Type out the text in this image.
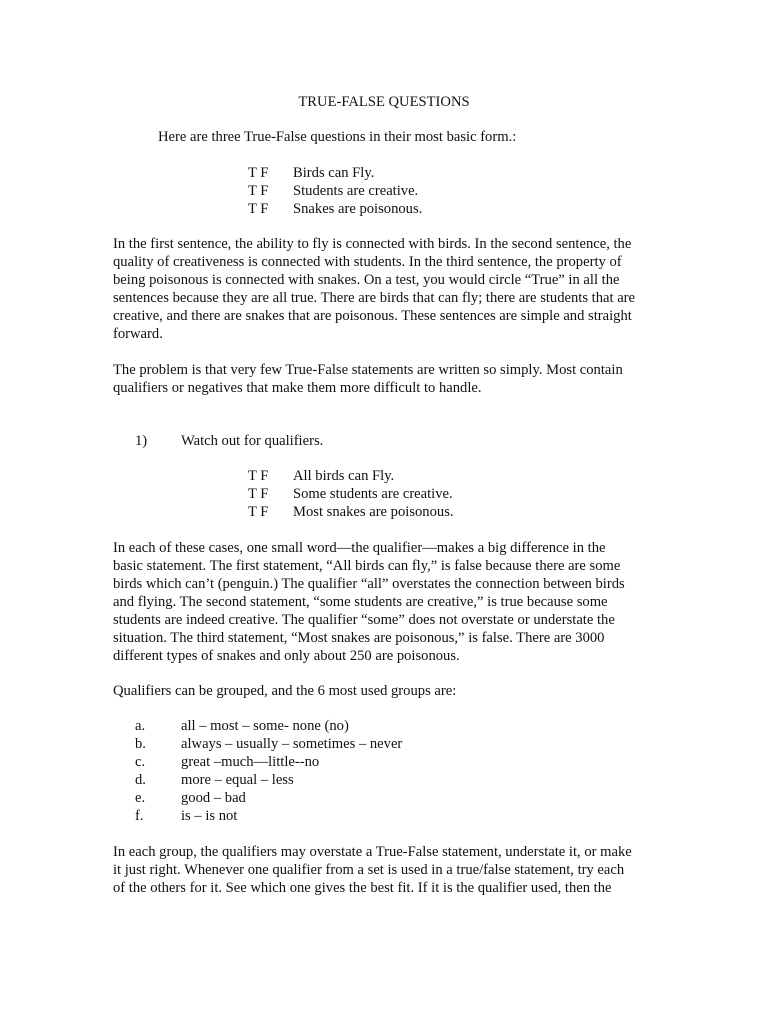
TRUE-FALSE QUESTIONS

Here are three True-False questions in their most basic form.:

T F Birds can Fly.
T F Students are creative.
T F Snakes are poisonous.

In the first sentence, the ability to fly is connected with birds. In the second sentence, the
quality of creativeness is connected with students. In the third sentence, the property of
being poisonous is connected with snakes. On a test, you would circle “True” in all the
sentences because they are all true. There are birds that can fly; there are students that are
creative, and there are snakes that are poisonous. These sentences are simple and straight
forward.

The problem is that very few True-False statements are written so simply. Most contain
qualifiers or negatives that make them more difficult to handle.

1) Watch out for qualifiers.

T F All birds can Fly.
T F Some students are creative.
T F Most snakes are poisonous.

In each of these cases, one small word—the qualifier—makes a big difference in the
basic statement. The first statement, “All birds can fly,” is false because there are some
birds which can’t (penguin.) The qualifier “all” overstates the connection between birds
and flying. The second statement, “some students are creative,” is true because some
students are indeed creative. The qualifier “some” does not overstate or understate the
situation. The third statement, “Most snakes are poisonous,” is false. There are 3000
different types of snakes and only about 250 are poisonous.

Qualifiers can be grouped, and the 6 most used groups are:

a. all – most – some- none (no)
b. always – usually – sometimes – never
c. great –much—little--no
d. more – equal – less
e. good – bad
f.	is – is not

In each group, the qualifiers may overstate a True-False statement, understate it, or make
it just right. Whenever one qualifier from a set is used in a true/false statement, try each
of the others for it. See which one gives the best fit. If it is the qualifier used, then the
